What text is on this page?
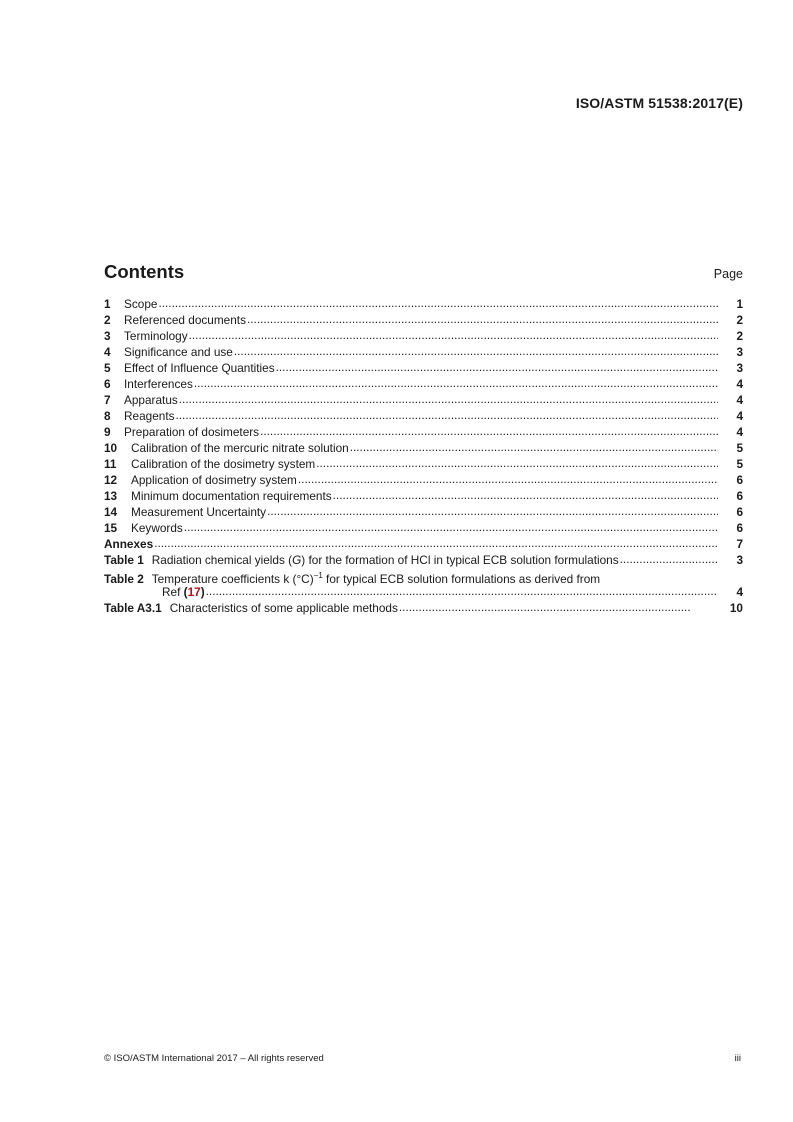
ISO/ASTM 51538:2017(E)
Contents	Page
1	Scope .....	1
2	Referenced documents .....	2
3	Terminology .....	2
4	Significance and use .....	3
5	Effect of Influence Quantities .....	3
6	Interferences .....	4
7	Apparatus .....	4
8	Reagents .....	4
9	Preparation of dosimeters .....	4
10	Calibration of the mercuric nitrate solution .....	5
11	Calibration of the dosimetry system .....	5
12	Application of dosimetry system .....	6
13	Minimum documentation requirements .....	6
14	Measurement Uncertainty .....	6
15	Keywords .....	6
Annexes .....	7
Table 1 Radiation chemical yields (G) for the formation of HCl in typical ECB solution formulations .....	3
Table 2 Temperature coefficients k $(^\circ C)^{-1}$ for typical ECB solution formulations as derived from
Ref (17) .....	4
Table A3.1 Characteristics of some applicable methods .....	10
© ISO/ASTM International 2017 – All rights reserved	iii
